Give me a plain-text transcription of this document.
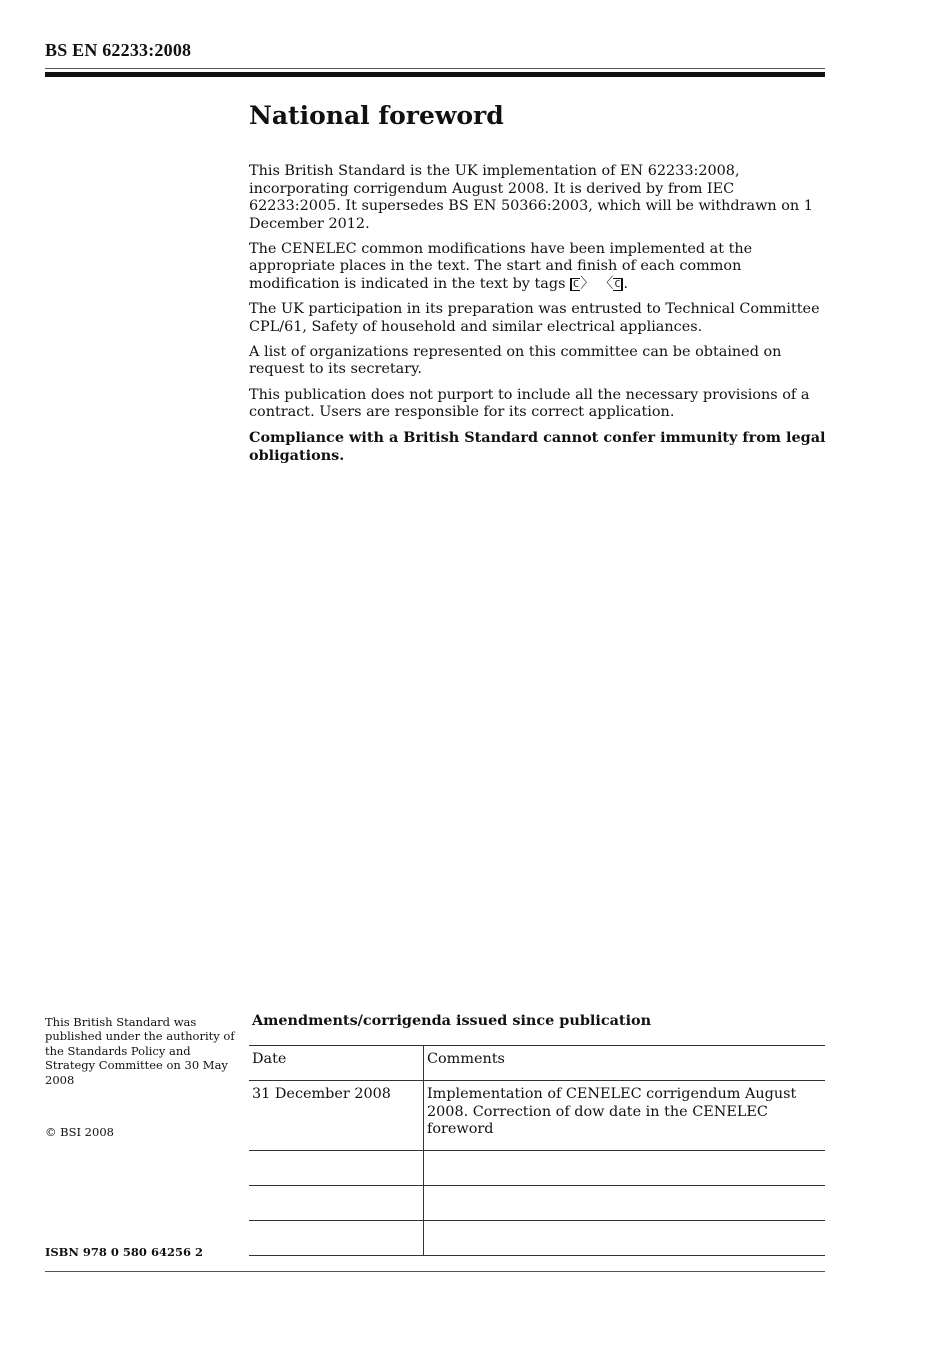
BS EN 62233:2008
National foreword

This British Standard is the UK implementation of EN 62233:2008, incorporating corrigendum August 2008. It is derived by from IEC 62233:2005. It supersedes BS EN 50366:2003, which will be withdrawn on 1 December 2012.

The CENELEC common modifications have been implemented at the appropriate places in the text. The start and finish of each common modification is indicated in the text by tags C〉 〈C .

The UK participation in its preparation was entrusted to Technical Committee CPL/61, Safety of household and similar electrical appliances.

A list of organizations represented on this committee can be obtained on request to its secretary.

This publication does not purport to include all the necessary provisions of a contract. Users are responsible for its correct application.

Compliance with a British Standard cannot confer immunity from legal obligations.

This British Standard was published under the authority of the Standards Policy and Strategy Committee on 30 May 2008
© BSI 2008
ISBN 978 0 580 64256 2
Amendments/corrigenda issued since publication
Date	Comments
31 December 2008	Implementation of CENELEC corrigendum August 2008. Correction of dow date in the CENELEC foreword
